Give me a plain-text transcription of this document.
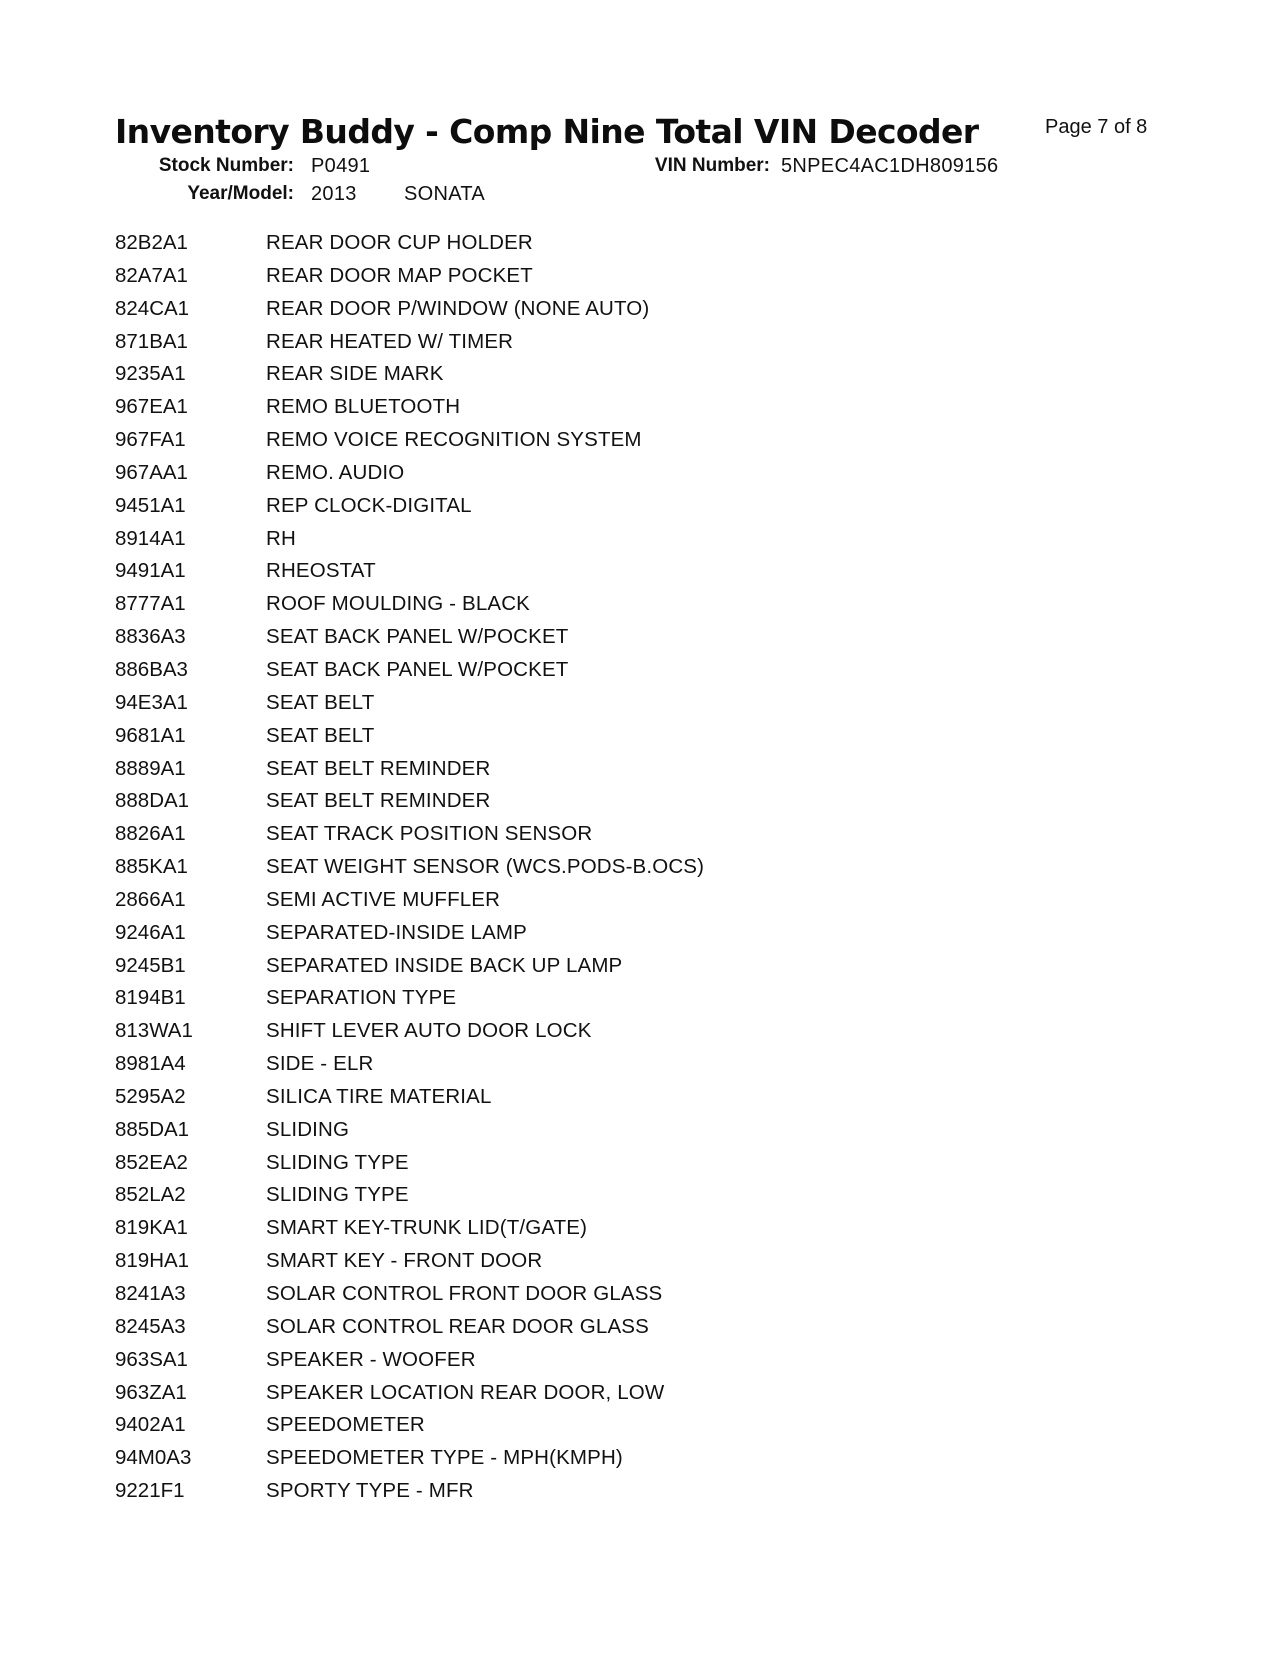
Inventory Buddy - Comp Nine Total VIN Decoder	Page 7 of 8
Stock Number: P0491	VIN Number: 5NPEC4AC1DH809156
Year/Model: 2013 SONATA
82B2A1	REAR DOOR CUP HOLDER
82A7A1	REAR DOOR MAP POCKET
824CA1	REAR DOOR P/WINDOW (NONE AUTO)
871BA1	REAR HEATED W/ TIMER
9235A1	REAR SIDE MARK
967EA1	REMO BLUETOOTH
967FA1	REMO VOICE RECOGNITION SYSTEM
967AA1	REMO. AUDIO
9451A1	REP CLOCK-DIGITAL
8914A1	RH
9491A1	RHEOSTAT
8777A1	ROOF MOULDING - BLACK
8836A3	SEAT BACK PANEL W/POCKET
886BA3	SEAT BACK PANEL W/POCKET
94E3A1	SEAT BELT
9681A1	SEAT BELT
8889A1	SEAT BELT REMINDER
888DA1	SEAT BELT REMINDER
8826A1	SEAT TRACK POSITION SENSOR
885KA1	SEAT WEIGHT SENSOR (WCS.PODS-B.OCS)
2866A1	SEMI ACTIVE MUFFLER
9246A1	SEPARATED-INSIDE LAMP
9245B1	SEPARATED INSIDE BACK UP LAMP
8194B1	SEPARATION TYPE
813WA1	SHIFT LEVER AUTO DOOR LOCK
8981A4	SIDE - ELR
5295A2	SILICA TIRE MATERIAL
885DA1	SLIDING
852EA2	SLIDING TYPE
852LA2	SLIDING TYPE
819KA1	SMART KEY-TRUNK LID(T/GATE)
819HA1	SMART KEY - FRONT DOOR
8241A3	SOLAR CONTROL FRONT DOOR GLASS
8245A3	SOLAR CONTROL REAR DOOR GLASS
963SA1	SPEAKER - WOOFER
963ZA1	SPEAKER LOCATION REAR DOOR, LOW
9402A1	SPEEDOMETER
94M0A3	SPEEDOMETER TYPE - MPH(KMPH)
9221F1	SPORTY TYPE - MFR
